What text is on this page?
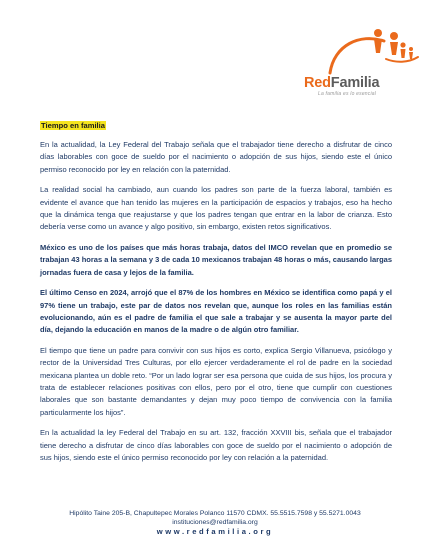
RedFamilia
La familia es lo esencial
Tiempo en familia

En la actualidad, la Ley Federal del Trabajo señala que el trabajador tiene derecho a disfrutar de cinco días laborables con goce de sueldo por el nacimiento o adopción de sus hijos, siendo este el único permiso reconocido por ley en relación con la paternidad.

La realidad social ha cambiado, aun cuando los padres son parte de la fuerza laboral, también es evidente el avance que han tenido las mujeres en la participación de espacios y trabajos, eso ha hecho que la dinámica tenga que reajustarse y que los padres tengan que entrar en la labor de crianza. Esto debería verse como un avance y algo positivo, sin embargo, existen retos significativos.

México es uno de los países que más horas trabaja, datos del IMCO revelan que en promedio se trabajan 43 horas a la semana y 3 de cada 10 mexicanos trabajan 48 horas o más, causando largas jornadas fuera de casa y lejos de la familia.

El último Censo en 2024, arrojó que el 87% de los hombres en México se identifica como papá y el 97% tiene un trabajo, este par de datos nos revelan que, aunque los roles en las familias están evolucionando, aún es el padre de familia el que sale a trabajar y se ausenta la mayor parte del día, dejando la educación en manos de la madre o de algún otro familiar.

El tiempo que tiene un padre para convivir con sus hijos es corto, explica Sergio Villanueva, psicólogo y rector de la Universidad Tres Culturas, por ello ejercer verdaderamente el rol de padre en la sociedad mexicana plantea un doble reto. “Por un lado lograr ser esa persona que cuida de sus hijos, los procura y trata de establecer relaciones positivas con ellos, pero por el otro, tiene que cumplir con cuestiones laborales que son bastante demandantes y dejan muy poco tiempo de convivencia con la familia particularmente los hijos”.

En la actualidad la ley Federal del Trabajo en su art. 132, fracción XXVIII bis, señala que el trabajador tiene derecho a disfrutar de cinco días laborables con goce de sueldo por el nacimiento o adopción de sus hijos, siendo este el único permiso reconocido por ley con relación a la paternidad.

Hipólito Taine 205-B, Chapultepec Morales Polanco 11570 CDMX. 55.5515.7598 y 55.5271.0043
instituciones@redfamilia.org
www.redfamilia.org
